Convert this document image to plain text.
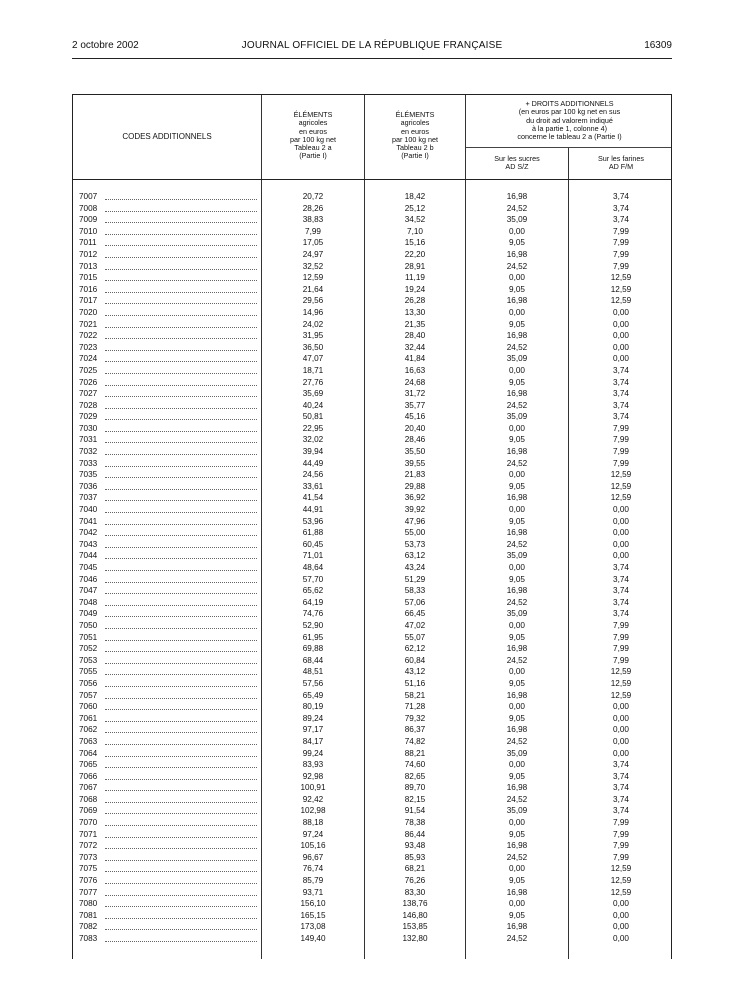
2 octobre 2002	JOURNAL OFFICIEL DE LA RÉPUBLIQUE FRANÇAISE	16309
CODES ADDITIONNELS
ÉLÉMENTS
agricoles
en euros
par 100 kg net
Tableau 2 a
(Partie I)
ÉLÉMENTS
agricoles
en euros
par 100 kg net
Tableau 2 b
(Partie I)
+ DROITS ADDITIONNELS
(en euros par 100 kg net en sus
du droit ad valorem indiqué
à la partie 1, colonne 4)
concerne le tableau 2 a (Partie I)
Sur les sucres
AD S/Z
Sur les farines
AD F/M
7007	20,72	18,42	16,98	3,74
7008	28,26	25,12	24,52	3,74
7009	38,83	34,52	35,09	3,74
7010	7,99	7,10	0,00	7,99
7011	17,05	15,16	9,05	7,99
7012	24,97	22,20	16,98	7,99
7013	32,52	28,91	24,52	7,99
7015	12,59	11,19	0,00	12,59
7016	21,64	19,24	9,05	12,59
7017	29,56	26,28	16,98	12,59
7020	14,96	13,30	0,00	0,00
7021	24,02	21,35	9,05	0,00
7022	31,95	28,40	16,98	0,00
7023	36,50	32,44	24,52	0,00
7024	47,07	41,84	35,09	0,00
7025	18,71	16,63	0,00	3,74
7026	27,76	24,68	9,05	3,74
7027	35,69	31,72	16,98	3,74
7028	40,24	35,77	24,52	3,74
7029	50,81	45,16	35,09	3,74
7030	22,95	20,40	0,00	7,99
7031	32,02	28,46	9,05	7,99
7032	39,94	35,50	16,98	7,99
7033	44,49	39,55	24,52	7,99
7035	24,56	21,83	0,00	12,59
7036	33,61	29,88	9,05	12,59
7037	41,54	36,92	16,98	12,59
7040	44,91	39,92	0,00	0,00
7041	53,96	47,96	9,05	0,00
7042	61,88	55,00	16,98	0,00
7043	60,45	53,73	24,52	0,00
7044	71,01	63,12	35,09	0,00
7045	48,64	43,24	0,00	3,74
7046	57,70	51,29	9,05	3,74
7047	65,62	58,33	16,98	3,74
7048	64,19	57,06	24,52	3,74
7049	74,76	66,45	35,09	3,74
7050	52,90	47,02	0,00	7,99
7051	61,95	55,07	9,05	7,99
7052	69,88	62,12	16,98	7,99
7053	68,44	60,84	24,52	7,99
7055	48,51	43,12	0,00	12,59
7056	57,56	51,16	9,05	12,59
7057	65,49	58,21	16,98	12,59
7060	80,19	71,28	0,00	0,00
7061	89,24	79,32	9,05	0,00
7062	97,17	86,37	16,98	0,00
7063	84,17	74,82	24,52	0,00
7064	99,24	88,21	35,09	0,00
7065	83,93	74,60	0,00	3,74
7066	92,98	82,65	9,05	3,74
7067	100,91	89,70	16,98	3,74
7068	92,42	82,15	24,52	3,74
7069	102,98	91,54	35,09	3,74
7070	88,18	78,38	0,00	7,99
7071	97,24	86,44	9,05	7,99
7072	105,16	93,48	16,98	7,99
7073	96,67	85,93	24,52	7,99
7075	76,74	68,21	0,00	12,59
7076	85,79	76,26	9,05	12,59
7077	93,71	83,30	16,98	12,59
7080	156,10	138,76	0,00	0,00
7081	165,15	146,80	9,05	0,00
7082	173,08	153,85	16,98	0,00
7083	149,40	132,80	24,52	0,00
